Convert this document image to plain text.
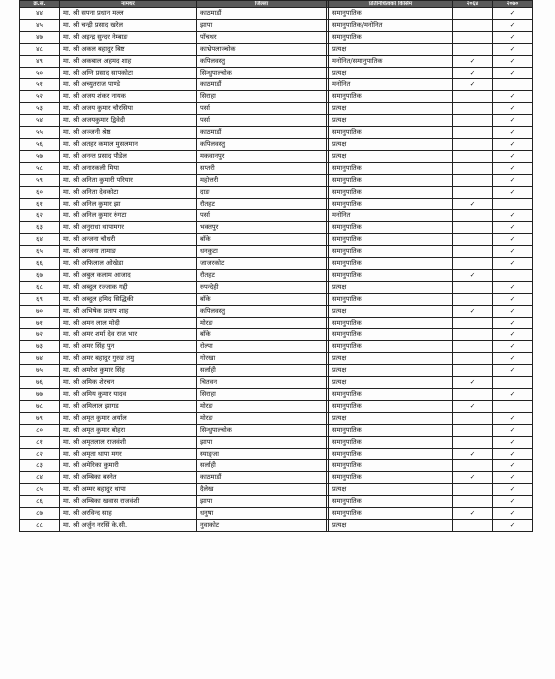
क्र.सं.	नामथर	जिल्ला		प्रतिनिधित्वको किसिम	२०६४	२०७०
४४	मा. श्री सपना प्रधान मल्ल	काठमाडौं		समानुपातिक		✓
४५	मा. श्री चन्द्री प्रसाद खरेल	झापा		समानुपातिक/मनोनित		✓
४७	मा. श्री अइन्द्र सुन्दर नेम्बाङ	पाँचथर		समानुपातिक		✓
४८	मा. श्री अकल बहादुर बिष्ट	काभ्रेपलाञ्चोक		प्रत्यक्ष		✓
४९	मा. श्री अकबाल अहमद शाह	कपिलवस्तु		मनोनित/समानुपातिक	✓	✓
५०	मा. श्री अग्नि प्रसाद सापकोटा	सिन्धुपाल्चोक		प्रत्यक्ष	✓	✓
५१	मा. श्री अच्युतराज पाण्डे	काठमाडौं		मनोनित	✓	
५२	मा. श्री अजय शंकर नायक	सिराहा		समानुपातिक		✓
५३	मा. श्री अजय कुमार चौरसिया	पर्सा		प्रत्यक्ष		✓
५४	मा. श्री अजयकुमार द्विवेदी	पर्सा		प्रत्यक्ष		✓
५५	मा. श्री अञ्जनी श्रेष्ठ	काठमाडौं		समानुपातिक		✓
५६	मा. श्री अतहर कमाल मुसलमान	कपिलवस्तु		प्रत्यक्ष		✓
५७	मा. श्री अनन्त प्रसाद पौडेल	मकवानपुर		प्रत्यक्ष		✓
५८	मा. श्री अनारकली मिया	सप्तरी		समानुपातिक		✓
५९	मा. श्री अनिता कुमारी परियार	महोत्तरी		समानुपातिक		✓
६०	मा. श्री अनिता देवकोटा	दाङ		समानुपातिक		✓
६१	मा. श्री अनिल कुमार झा	रौतहट		समानुपातिक	✓	
६२	मा. श्री अनिल कुमार रुंगटा	पर्सा		मनोनित		✓
६३	मा. श्री अनुराधा थापामगर	भक्तपुर		समानुपातिक		✓
६४	मा. श्री अन्जना चौधरी	बाँके		समानुपातिक		✓
६५	मा. श्री अन्जना तामाङ	धनकुटा		समानुपातिक		✓
६६	मा. श्री अफिलाल ओखेडा	जाजरकोट		समानुपातिक		✓
६७	मा. श्री अबुल कलाम आजाद	रौतहट		समानुपातिक	✓	
६८	मा. श्री अब्दुल रज्जाक गद्दी	रुपन्देही		प्रत्यक्ष		✓
६९	मा. श्री अब्दुल हमिद सिद्धिकी	बाँके		समानुपातिक		✓
७०	मा. श्री अभिषेक प्रताप शाह	कपिलवस्तु		प्रत्यक्ष	✓	✓
७१	मा. श्री अमन लाल मोदी	मोरङ		समानुपातिक		✓
७२	मा. श्री अमर शर्मा देव राज भार	बाँके		समानुपातिक		✓
७३	मा. श्री अमर सिंह पुन	रोल्पा		समानुपातिक		✓
७४	मा. श्री अमर बहादुर गुरुङ तमु	गोरखा		प्रत्यक्ष		✓
७५	मा. श्री अमरेश कुमार सिंह	सर्लाही		प्रत्यक्ष		✓
७६	मा. श्री अमिक शेरचन	चितवन		प्रत्यक्ष	✓	
७७	मा. श्री अमिय कुमार यादव	सिराहा		समानुपातिक		✓
७८	मा. श्री अमिलाल झागड	मोरङ		समानुपातिक	✓	
७९	मा. श्री अमृत कुमार अर्याल	मोरङ		प्रत्यक्ष		✓
८०	मा. श्री अमृत कुमार बोहरा	सिन्धुपाल्चोक		समानुपातिक		✓
८१	मा. श्री अमृतलाल राजवंशी	झापा		समानुपातिक		✓
८२	मा. श्री अमृता थापा मगर	स्याङ्जा		समानुपातिक	✓	✓
८३	मा. श्री अमेरिका कुमारी	सर्लाही		समानुपातिक		✓
८४	मा. श्री अम्बिका बस्नेत	काठमाडौं		समानुपातिक	✓	✓
८५	मा. श्री अम्मर बहादुर थापा	दैलेख		प्रत्यक्ष		✓
८६	मा. श्री अम्बिका खवास राजवंशी	झापा		समानुपातिक		✓
८७	मा. श्री अरविन्द साह	धनुषा		समानुपातिक	✓	✓
८८	मा. श्री अर्जुन नरसिं के.सी.	नुवाकोट		प्रत्यक्ष		✓
